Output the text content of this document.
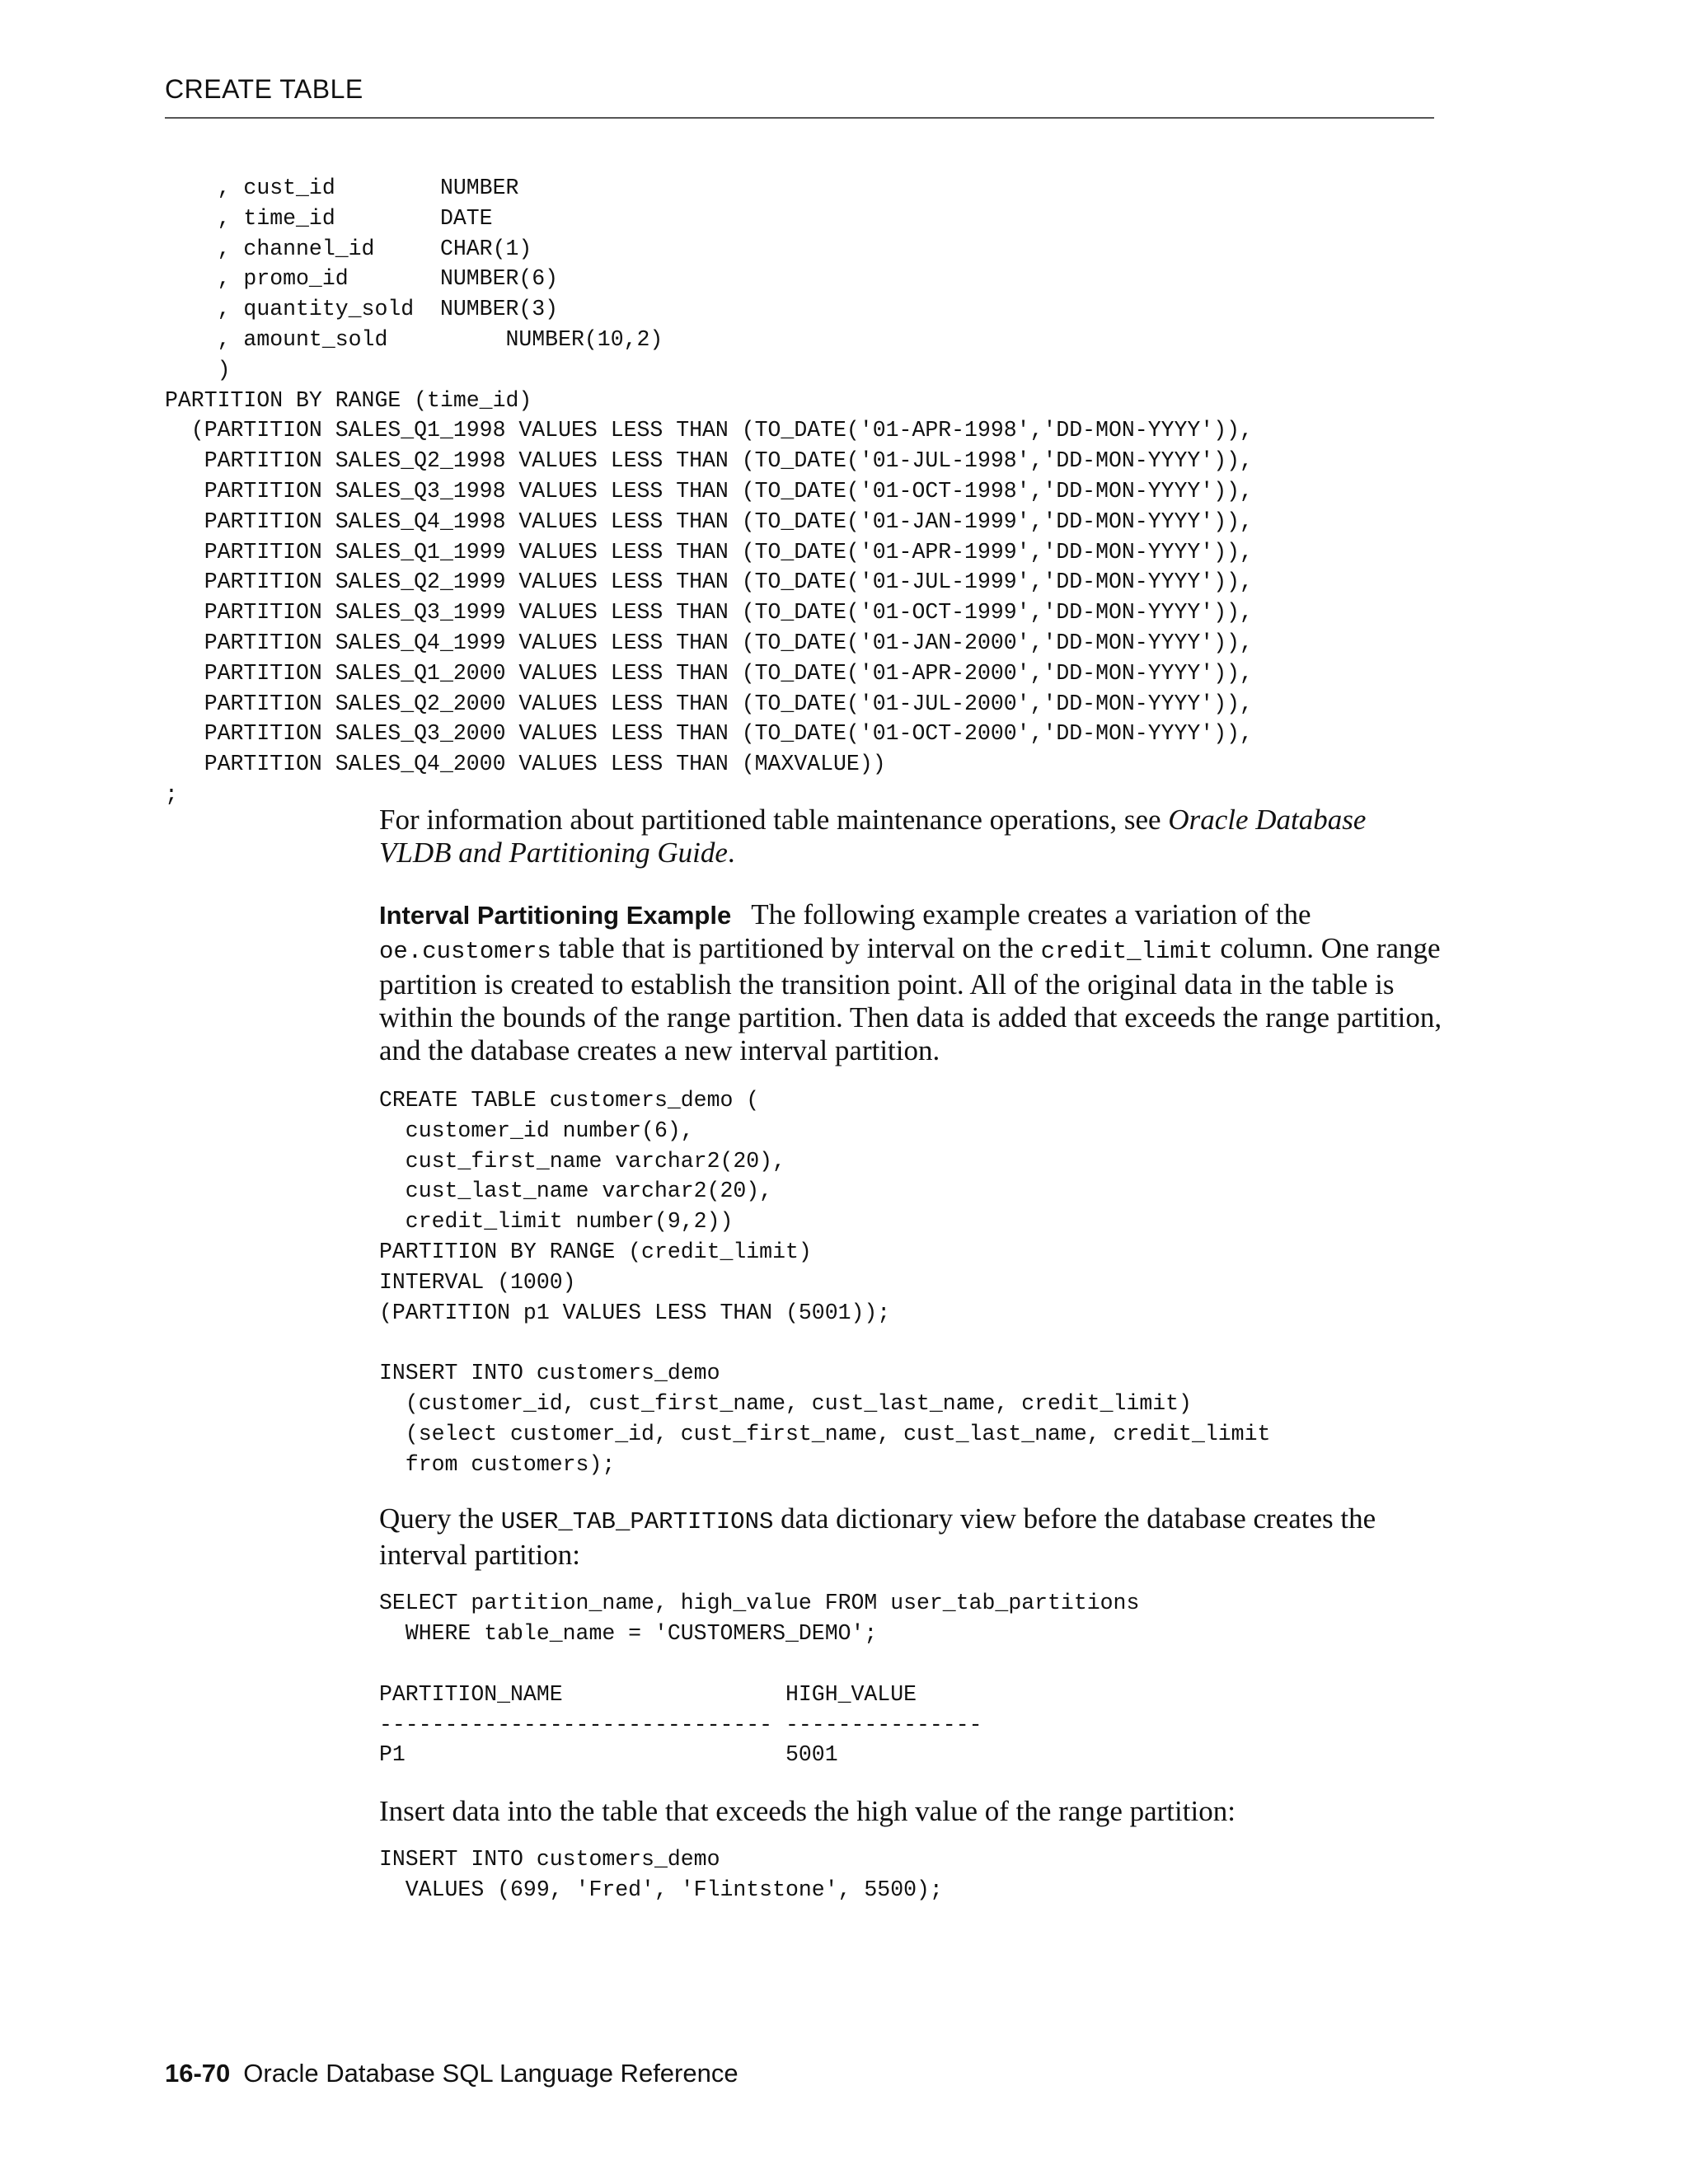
CREATE TABLE
, cust_id        NUMBER
, time_id        DATE
, channel_id     CHAR(1)
, promo_id       NUMBER(6)
, quantity_sold  NUMBER(3)
, amount_sold         NUMBER(10,2)
)
PARTITION BY RANGE (time_id)
(PARTITION SALES_Q1_1998 VALUES LESS THAN (TO_DATE('01-APR-1998','DD-MON-YYYY')),
PARTITION SALES_Q2_1998 VALUES LESS THAN (TO_DATE('01-JUL-1998','DD-MON-YYYY')),
PARTITION SALES_Q3_1998 VALUES LESS THAN (TO_DATE('01-OCT-1998','DD-MON-YYYY')),
PARTITION SALES_Q4_1998 VALUES LESS THAN (TO_DATE('01-JAN-1999','DD-MON-YYYY')),
PARTITION SALES_Q1_1999 VALUES LESS THAN (TO_DATE('01-APR-1999','DD-MON-YYYY')),
PARTITION SALES_Q2_1999 VALUES LESS THAN (TO_DATE('01-JUL-1999','DD-MON-YYYY')),
PARTITION SALES_Q3_1999 VALUES LESS THAN (TO_DATE('01-OCT-1999','DD-MON-YYYY')),
PARTITION SALES_Q4_1999 VALUES LESS THAN (TO_DATE('01-JAN-2000','DD-MON-YYYY')),
PARTITION SALES_Q1_2000 VALUES LESS THAN (TO_DATE('01-APR-2000','DD-MON-YYYY')),
PARTITION SALES_Q2_2000 VALUES LESS THAN (TO_DATE('01-JUL-2000','DD-MON-YYYY')),
PARTITION SALES_Q3_2000 VALUES LESS THAN (TO_DATE('01-OCT-2000','DD-MON-YYYY')),
PARTITION SALES_Q4_2000 VALUES LESS THAN (MAXVALUE))
;

For information about partitioned table maintenance operations, see Oracle Database VLDB and Partitioning Guide.

Interval Partitioning Example The following example creates a variation of the oe.customers table that is partitioned by interval on the credit_limit column. One range partition is created to establish the transition point. All of the original data in the table is within the bounds of the range partition. Then data is added that exceeds the range partition, and the database creates a new interval partition.

CREATE TABLE customers_demo (
customer_id number(6),
cust_first_name varchar2(20),
cust_last_name varchar2(20),
credit_limit number(9,2))
PARTITION BY RANGE (credit_limit)
INTERVAL (1000)
(PARTITION p1 VALUES LESS THAN (5001));

INSERT INTO customers_demo
(customer_id, cust_first_name, cust_last_name, credit_limit)
(select customer_id, cust_first_name, cust_last_name, credit_limit
from customers);

Query the USER_TAB_PARTITIONS data dictionary view before the database creates the interval partition:

SELECT partition_name, high_value FROM user_tab_partitions
WHERE table_name = 'CUSTOMERS_DEMO';

PARTITION_NAME                 HIGH_VALUE
------------------------------ ---------------
P1                             5001

Insert data into the table that exceeds the high value of the range partition:

INSERT INTO customers_demo
VALUES (699, 'Fred', 'Flintstone', 5500);
16-70 Oracle Database SQL Language Reference
